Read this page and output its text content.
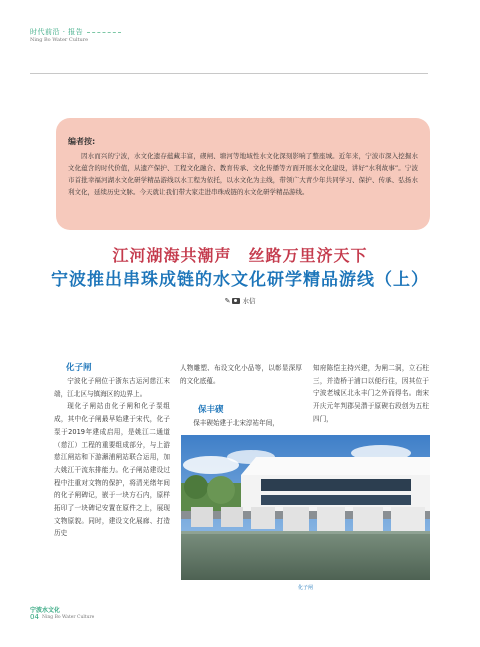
时代前沿 · 报告
Ning Bo Water Culture
编者按:

因水而兴的宁波，水文化遗存蕴藏丰富，碶闸、塘河等地域性水文化深刻影响了整座城。近年来，宁波市深入挖掘水文化蕴含的时代价值，从遗产保护、工程文化融合、教育传承、文化传播等方面开展水文化建设，讲好“水利故事”。宁波市首批幸福河湖水文化研学精品游线以水工程为依托，以水文化为主线，带领广大青少年共同学习、保护、传承、弘扬水利文化，延续历史文脉。今天就让我们带大家走进串珠成链的水文化研学精品游线。

江河湖海共潮声　丝路万里济天下
宁波推出串珠成链的水文化研学精品游线（上）
✎ 水信
化子闸

宁波化子闸位于浙东古运河慈江末端，江北区与镇海区的边界上。

现化子闸站由化子闸和化子泵组成，其中化子闸最早始建于宋代，化子泵于2019年建成启用，是姚江二通道（慈江）工程的重要组成部分，与上游慈江闸站和下游澥浦闸站联合运用，加大姚江干流东排能力。化子闸站建设过程中注重对文物的保护，将清光绪年间的化子闸碑记，嵌于一块方石内，原样拓印了一块碑记安置在原件之上，展现文物原貌。同时，建设文化展廊、打造历史

人物雕塑、布设文化小品等，以彰显深厚的文化底蕴。

保丰碶

保丰碶始建于北宋淳祐年间，

知府陈恺主持兴建，为闸二洞，立石柱三，并造桥于浦口以便行往，因其位于宁波老城区北永丰门之外而得名。南宋开庆元年判郡吴潜于原碶右段创为五柱四门，

化子闸
宁波水文化
04 Ning Bo Water Culture
